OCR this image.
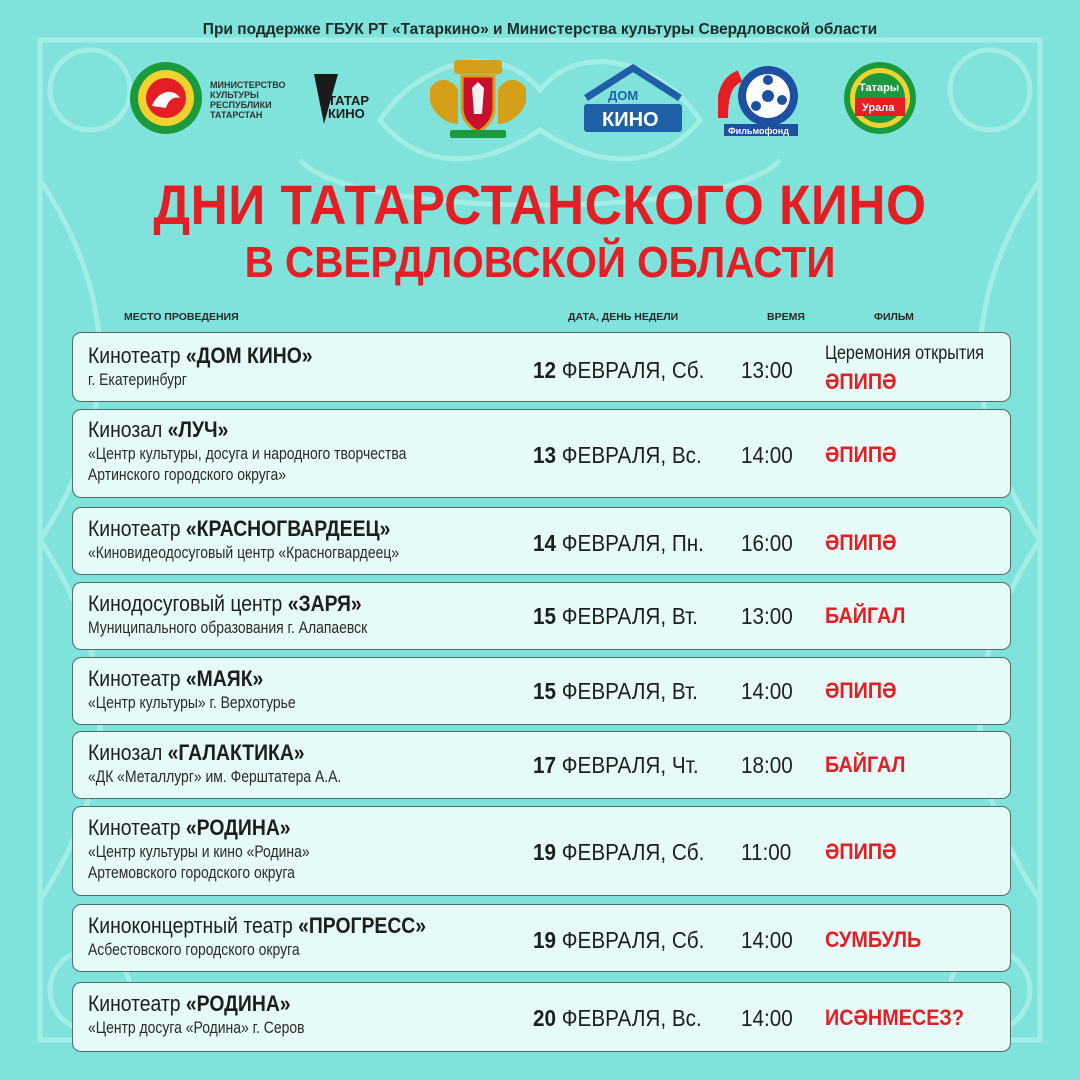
При поддержке ГБУК РТ «Татаркино» и Министерства культуры Свердловской области
МИНИСТЕРСТВО
КУЛЬТУРЫ
РЕСПУБЛИКИ
ТАТАРСТАН
ТАТАР
КИНО
ДОМ
КИНО	Фильмофонд
Татары
Урала
ДНИ ТАТАРСТАНСКОГО КИНО
В СВЕРДЛОВСКОЙ ОБЛАСТИ
МЕСТО ПРОВЕДЕНИЯ	ДАТА, ДЕНЬ НЕДЕЛИ	ВРЕМЯ	ФИЛЬМ
Кинотеатр «ДОМ КИНО»
г. Екатеринбург	12 ФЕВРАЛЯ, Сб. 13:00
Церемония открытия
ӘПИПӘ
Кинозал «ЛУЧ»
«Центр культуры, досуга и народного творчества
Артинского городского округа»
13 ФЕВРАЛЯ, Вс. 14:00 ӘПИПӘ
Кинотеатр «КРАСНОГВАРДЕЕЦ»
«Киновидеодосуговый центр «Красногвардеец»	14 ФЕВРАЛЯ, Пн. 16:00 ӘПИПӘ
Кинодосуговый центр «ЗАРЯ»
Муниципального образования г. Алапаевск	15 ФЕВРАЛЯ, Вт. 13:00 БАЙГАЛ
Кинотеатр «МАЯК»
«Центр культуры» г. Верхотурье	15 ФЕВРАЛЯ, Вт. 14:00 ӘПИПӘ
Кинозал «ГАЛАКТИКА»
«ДК «Металлург» им. Ферштатера А.А.	17 ФЕВРАЛЯ, Чт. 18:00 БАЙГАЛ
Кинотеатр «РОДИНА»
«Центр культуры и кино «Родина»
Артемовского городского округа
19 ФЕВРАЛЯ, Сб. 11:00 ӘПИПӘ
Киноконцертный театр «ПРОГРЕСС»
Асбестовского городского округа	19 ФЕВРАЛЯ, Сб. 14:00 СУМБУЛЬ
Кинотеатр «РОДИНА»
«Центр досуга «Родина» г. Серов	20 ФЕВРАЛЯ, Вс. 14:00 ИСӘНМЕСЕЗ?
